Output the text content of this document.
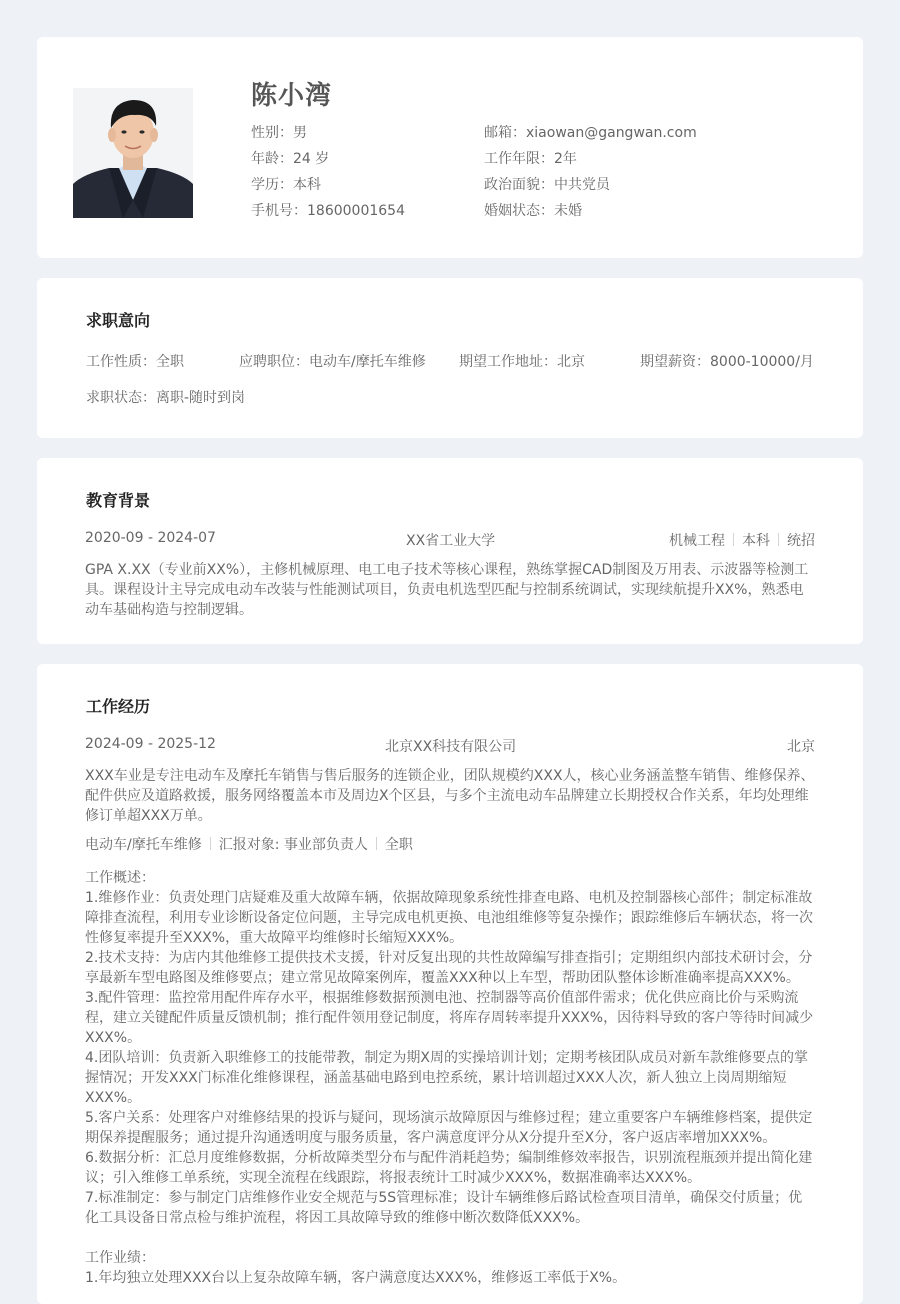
陈小湾
性别：男
年龄：24 岁
学历：本科
手机号：18600001654
邮箱：xiaowan@gangwan.com
工作年限：2年
政治面貌：中共党员
婚姻状态：未婚
求职意向
工作性质：全职	应聘职位：电动车/摩托车维修 期望工作地址：北京	期望薪资：8000-10000/月
求职状态：离职-随时到岗
教育背景
2020-09 - 2024-07	XX省工业大学	机械工程 本科 统招
GPA X.XX（专业前XX%），主修机械原理、电工电子技术等核心课程，熟练掌握CAD制图及万用表、示波器等检测工具。课程设计主导完成电动车改装与性能测试项目，负责电机选型匹配与控制系统调试，实现续航提升XX%，熟悉电动车基础构造与控制逻辑。
工作经历
2024-09 - 2025-12	北京XX科技有限公司	北京
XXX车业是专注电动车及摩托车销售与售后服务的连锁企业，团队规模约XXX人，核心业务涵盖整车销售、维修保养、配件供应及道路救援，服务网络覆盖本市及周边X个区县，与多个主流电动车品牌建立长期授权合作关系，年均处理维修订单超XXX万单。
电动车/摩托车维修 汇报对象: 事业部负责人 全职
工作概述：
1.维修作业：负责处理门店疑难及重大故障车辆，依据故障现象系统性排查电路、电机及控制器核心部件；制定标准故障排查流程，利用专业诊断设备定位问题，主导完成电机更换、电池组维修等复杂操作；跟踪维修后车辆状态，将一次性修复率提升至XXX%，重大故障平均维修时长缩短XXX%。
2.技术支持：为店内其他维修工提供技术支援，针对反复出现的共性故障编写排查指引；定期组织内部技术研讨会，分享最新车型电路图及维修要点；建立常见故障案例库，覆盖XXX种以上车型，帮助团队整体诊断准确率提高XXX%。
3.配件管理：监控常用配件库存水平，根据维修数据预测电池、控制器等高价值部件需求；优化供应商比价与采购流程，建立关键配件质量反馈机制；推行配件领用登记制度，将库存周转率提升XXX%，因待料导致的客户等待时间减少XXX%。
4.团队培训：负责新入职维修工的技能带教，制定为期X周的实操培训计划；定期考核团队成员对新车款维修要点的掌握情况；开发XXX门标准化维修课程，涵盖基础电路到电控系统，累计培训超过XXX人次，新人独立上岗周期缩短XXX%。
5.客户关系：处理客户对维修结果的投诉与疑问，现场演示故障原因与维修过程；建立重要客户车辆维修档案，提供定期保养提醒服务；通过提升沟通透明度与服务质量，客户满意度评分从X分提升至X分，客户返店率增加XXX%。
6.数据分析：汇总月度维修数据，分析故障类型分布与配件消耗趋势；编制维修效率报告，识别流程瓶颈并提出简化建议；引入维修工单系统，实现全流程在线跟踪，将报表统计工时减少XXX%，数据准确率达XXX%。
7.标准制定：参与制定门店维修作业安全规范与5S管理标准；设计车辆维修后路试检查项目清单，确保交付质量；优化工具设备日常点检与维护流程，将因工具故障导致的维修中断次数降低XXX%。
工作业绩：
1.年均独立处理XXX台以上复杂故障车辆，客户满意度达XXX%，维修返工率低于X%。
